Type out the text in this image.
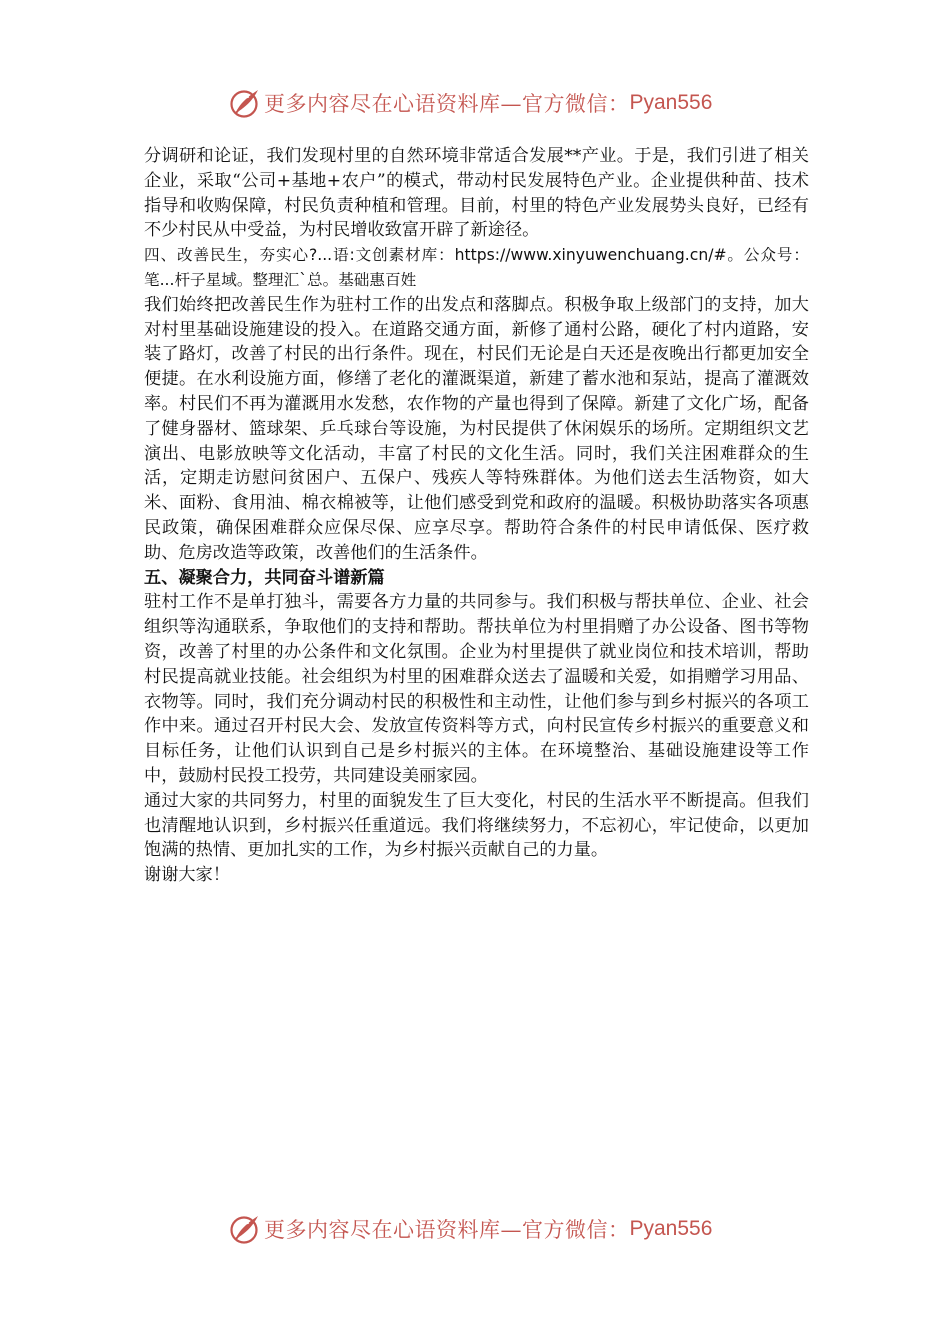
更多内容尽在心语资料库—官方微信： Pyan556

分调研和论证，我们发现村里的自然环境非常适合发展**产业。于是，我们引进了相关企业，采取“公司+基地+农户”的模式，带动村民发展特色产业。企业提供种苗、技术指导和收购保障，村民负责种植和管理。目前，村里的特色产业发展势头良好，已经有不少村民从中受益，为村民增收致富开辟了新途径。

四、改善民生，夯实心?...语:文创素材库：https://www.xinyuwenchuang.cn/#。公众号：笔...杆子星域。整理汇`总。基础惠百姓

我们始终把改善民生作为驻村工作的出发点和落脚点。积极争取上级部门的支持，加大对村里基础设施建设的投入。在道路交通方面，新修了通村公路，硬化了村内道路，安装了路灯，改善了村民的出行条件。现在，村民们无论是白天还是夜晚出行都更加安全便捷。在水利设施方面，修缮了老化的灌溉渠道，新建了蓄水池和泵站，提高了灌溉效率。村民们不再为灌溉用水发愁，农作物的产量也得到了保障。新建了文化广场，配备了健身器材、篮球架、乒乓球台等设施，为村民提供了休闲娱乐的场所。定期组织文艺演出、电影放映等文化活动，丰富了村民的文化生活。同时，我们关注困难群众的生活，定期走访慰问贫困户、五保户、残疾人等特殊群体。为他们送去生活物资，如大米、面粉、食用油、棉衣棉被等，让他们感受到党和政府的温暖。积极协助落实各项惠民政策，确保困难群众应保尽保、应享尽享。帮助符合条件的村民申请低保、医疗救助、危房改造等政策，改善他们的生活条件。

五、凝聚合力，共同奋斗谱新篇

驻村工作不是单打独斗，需要各方力量的共同参与。我们积极与帮扶单位、企业、社会组织等沟通联系，争取他们的支持和帮助。帮扶单位为村里捐赠了办公设备、图书等物资，改善了村里的办公条件和文化氛围。企业为村里提供了就业岗位和技术培训，帮助村民提高就业技能。社会组织为村里的困难群众送去了温暖和关爱，如捐赠学习用品、衣物等。同时，我们充分调动村民的积极性和主动性，让他们参与到乡村振兴的各项工作中来。通过召开村民大会、发放宣传资料等方式，向村民宣传乡村振兴的重要意义和目标任务，让他们认识到自己是乡村振兴的主体。在环境整治、基础设施建设等工作中，鼓励村民投工投劳，共同建设美丽家园。

通过大家的共同努力，村里的面貌发生了巨大变化，村民的生活水平不断提高。但我们也清醒地认识到，乡村振兴任重道远。我们将继续努力，不忘初心，牢记使命，以更加饱满的热情、更加扎实的工作，为乡村振兴贡献自己的力量。

谢谢大家！

更多内容尽在心语资料库—官方微信： Pyan556
